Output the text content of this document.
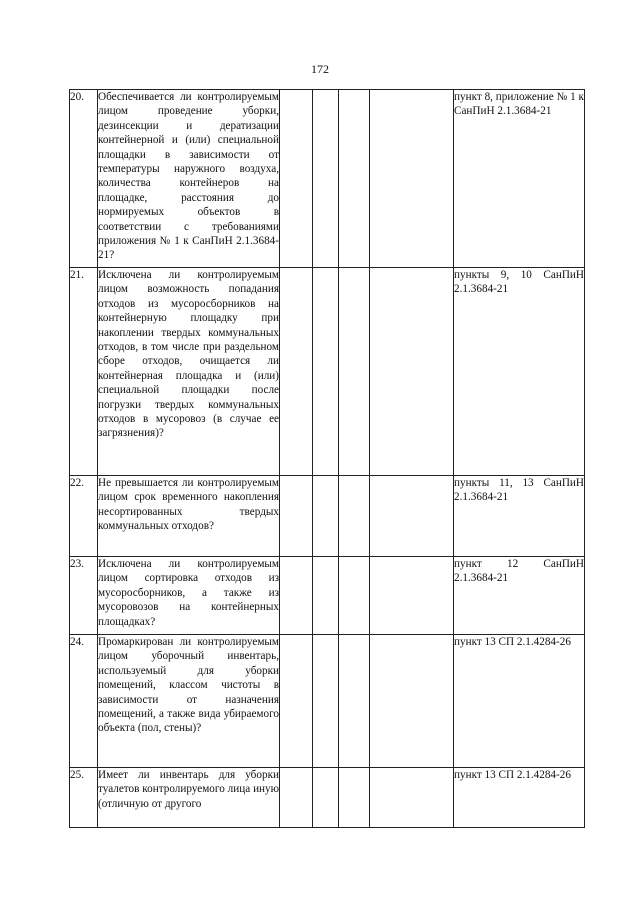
172
20.	Обеспечивается ли контролируемым лицом проведение уборки, дезинсекции и дератизации контейнерной и (или) специальной площадки в зависимости от температуры наружного воздуха, количества контейнеров на площадке, расстояния до нормируемых объектов в соответствии с требованиями приложения № 1 к СанПиН 2.1.3684-21?					пункт 8, приложение № 1 к СанПиН 2.1.3684-21
21.	Исключена ли контролируемым лицом возможность попадания отходов из мусоросборников на контейнерную площадку при накоплении твердых коммунальных отходов, в том числе при раздельном сборе отходов, очищается ли контейнерная площадка и (или) специальной площадки после погрузки твердых коммунальных отходов в мусоровоз (в случае ее загрязнения)?					пункты 9, 10 СанПиН 2.1.3684-21
22.	Не превышается ли контролируемым лицом срок временного накопления несортированных твердых коммунальных отходов?					пункты 11, 13 СанПиН 2.1.3684-21
23.	Исключена ли контролируемым лицом сортировка отходов из мусоросборников, а также из мусоровозов на контейнерных площадках?					пункт 12 СанПиН 2.1.3684-21
24.	Промаркирован ли контролируемым лицом уборочный инвентарь, используемый для уборки помещений, классом чистоты в зависимости от назначения помещений, а также вида убираемого объекта (пол, стены)?					пункт 13 СП 2.1.4284-26
25.	Имеет ли инвентарь для уборки туалетов контролируемого лица иную (отличную от другого					пункт 13 СП 2.1.4284-26
